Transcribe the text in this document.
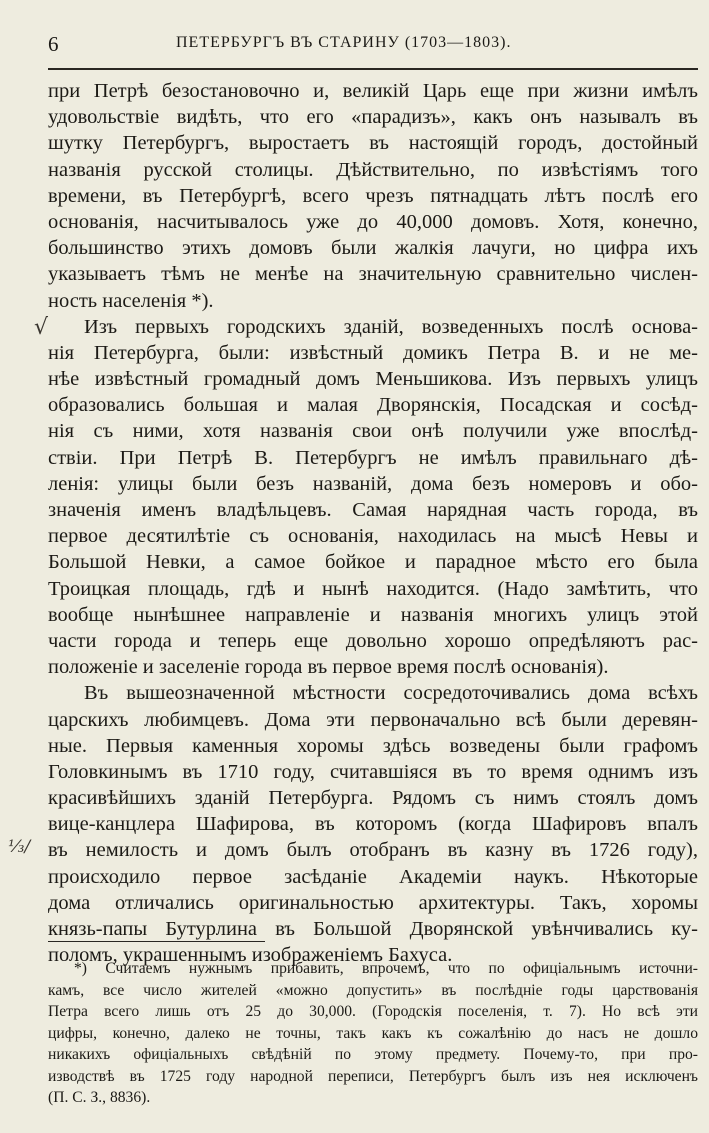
6	ПЕТЕРБУРГЪ ВЪ СТАРИНУ (1703—1803).
√
⅓/
при Петрѣ безостановочно и, великій Царь еще при жизни имѣлъ
удовольствіе видѣть, что его «парадизъ», какъ онъ называлъ въ
шутку Петербургъ, выростаетъ въ настоящій городъ, достойный
названія русской столицы. Дѣйствительно, по извѣстіямъ того
времени, въ Петербургѣ, всего чрезъ пятнадцать лѣтъ послѣ его
основанія, насчитывалось уже до 40,000 домовъ. Хотя, конечно,
большинство этихъ домовъ были жалкія лачуги, но цифра ихъ
указываетъ тѣмъ не менѣе на значительную сравнительно числен-
ность населенія *).
Изъ первыхъ городскихъ зданій, возведенныхъ послѣ основа-
нія Петербурга, были: извѣстный домикъ Петра В. и не ме-
нѣе извѣстный громадный домъ Меньшикова. Изъ первыхъ улицъ
образовались большая и малая Дворянскія, Посадская и сосѣд-
нія съ ними, хотя названія свои онѣ получили уже впослѣд-
ствіи. При Петрѣ В. Петербургъ не имѣлъ правильнаго дѣ-
ленія: улицы были безъ названій, дома безъ номеровъ и обо-
значенія именъ владѣльцевъ. Самая нарядная часть города, въ
первое десятилѣтіе съ основанія, находилась на мысѣ Невы и
Большой Невки, а самое бойкое и парадное мѣсто его была
Троицкая площадь, гдѣ и нынѣ находится. (Надо замѣтить, что
вообще нынѣшнее направленіе и названія многихъ улицъ этой
части города и теперь еще довольно хорошо опредѣляютъ рас-
положеніе и заселеніе города въ первое время послѣ основанія).
Въ вышеозначенной мѣстности сосредоточивались дома всѣхъ
царскихъ любимцевъ. Дома эти первоначально всѣ были деревян-
ные. Первыя каменныя хоромы здѣсь возведены были графомъ
Головкинымъ въ 1710 году, считавшіяся въ то время однимъ изъ
красивѣйшихъ зданій Петербурга. Рядомъ съ нимъ стоялъ домъ
вице-канцлера Шафирова, въ которомъ (когда Шафировъ впалъ
въ немилость и домъ былъ отобранъ въ казну въ 1726 году),
происходило первое засѣданіе Академіи наукъ. Нѣкоторые
дома отличались оригинальностью архитектуры. Такъ, хоромы
князь-папы Бутурлина въ Большой Дворянской увѣнчивались ку-
поломъ, украшеннымъ изображеніемъ Бахуса.
*) Считаемъ нужнымъ прибавить, впрочемъ, что по офиціальнымъ источни-
камъ, все число жителей «можно допустить» въ послѣдніе годы царствованія
Петра всего лишь отъ 25 до 30,000. (Городскія поселенія, т. 7). Но всѣ эти
цифры, конечно, далеко не точны, такъ какъ къ сожалѣнію до насъ не дошло
никакихъ офиціальныхъ свѣдѣній по этому предмету. Почему-то, при про-
изводствѣ въ 1725 году народной переписи, Петербургъ былъ изъ нея исключенъ
(П. С. З., 8836).
